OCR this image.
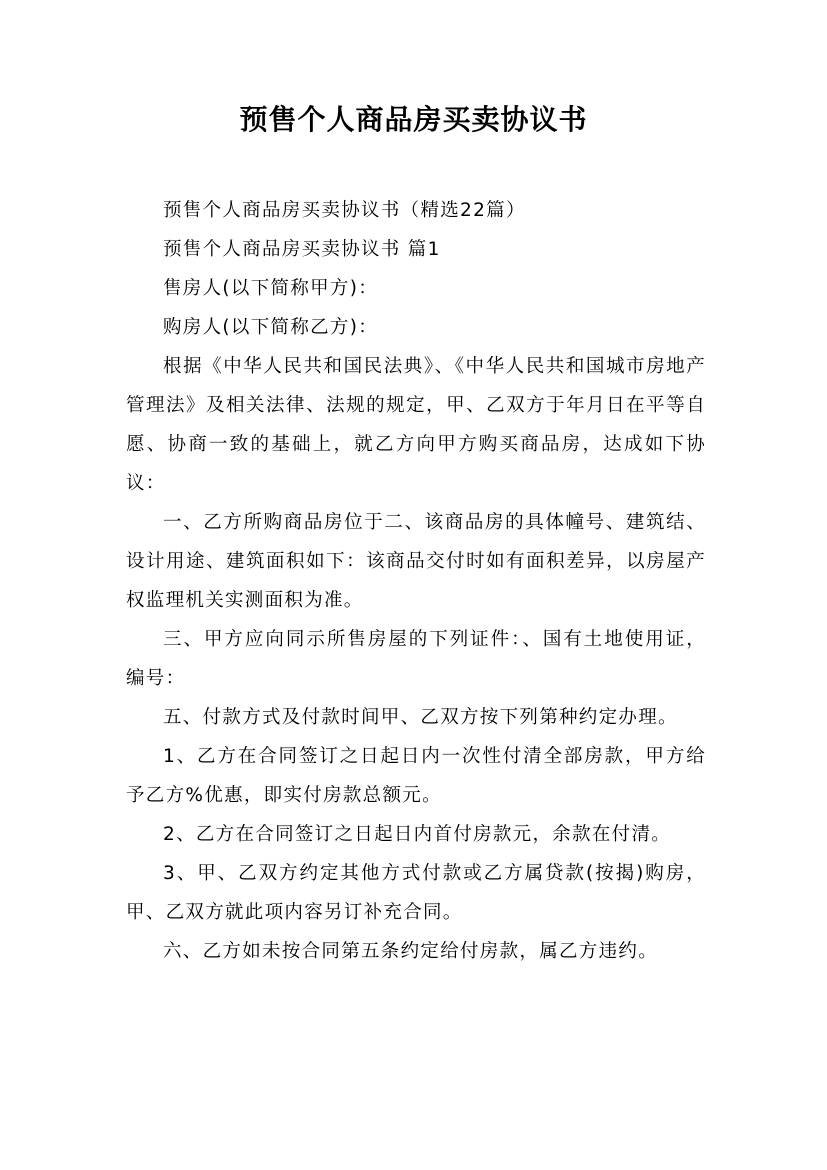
预售个人商品房买卖协议书

预售个人商品房买卖协议书（精选22篇）

预售个人商品房买卖协议书 篇1

售房人(以下简称甲方)：

购房人(以下简称乙方)：

根据《中华人民共和国民法典》、《中华人民共和国城市房地产管理法》及相关法律、法规的规定，甲、乙双方于年月日在平等自愿、协商一致的基础上，就乙方向甲方购买商品房，达成如下协议：

一、乙方所购商品房位于二、该商品房的具体幢号、建筑结、设计用途、建筑面积如下：该商品交付时如有面积差异，以房屋产权监理机关实测面积为准。

三、甲方应向同示所售房屋的下列证件：、国有土地使用证，编号：

五、付款方式及付款时间甲、乙双方按下列第种约定办理。

1、乙方在合同签订之日起日内一次性付清全部房款，甲方给予乙方%优惠，即实付房款总额元。

2、乙方在合同签订之日起日内首付房款元，余款在付清。

3、甲、乙双方约定其他方式付款或乙方属贷款(按揭)购房，甲、乙双方就此项内容另订补充合同。

六、乙方如未按合同第五条约定给付房款，属乙方违约。
